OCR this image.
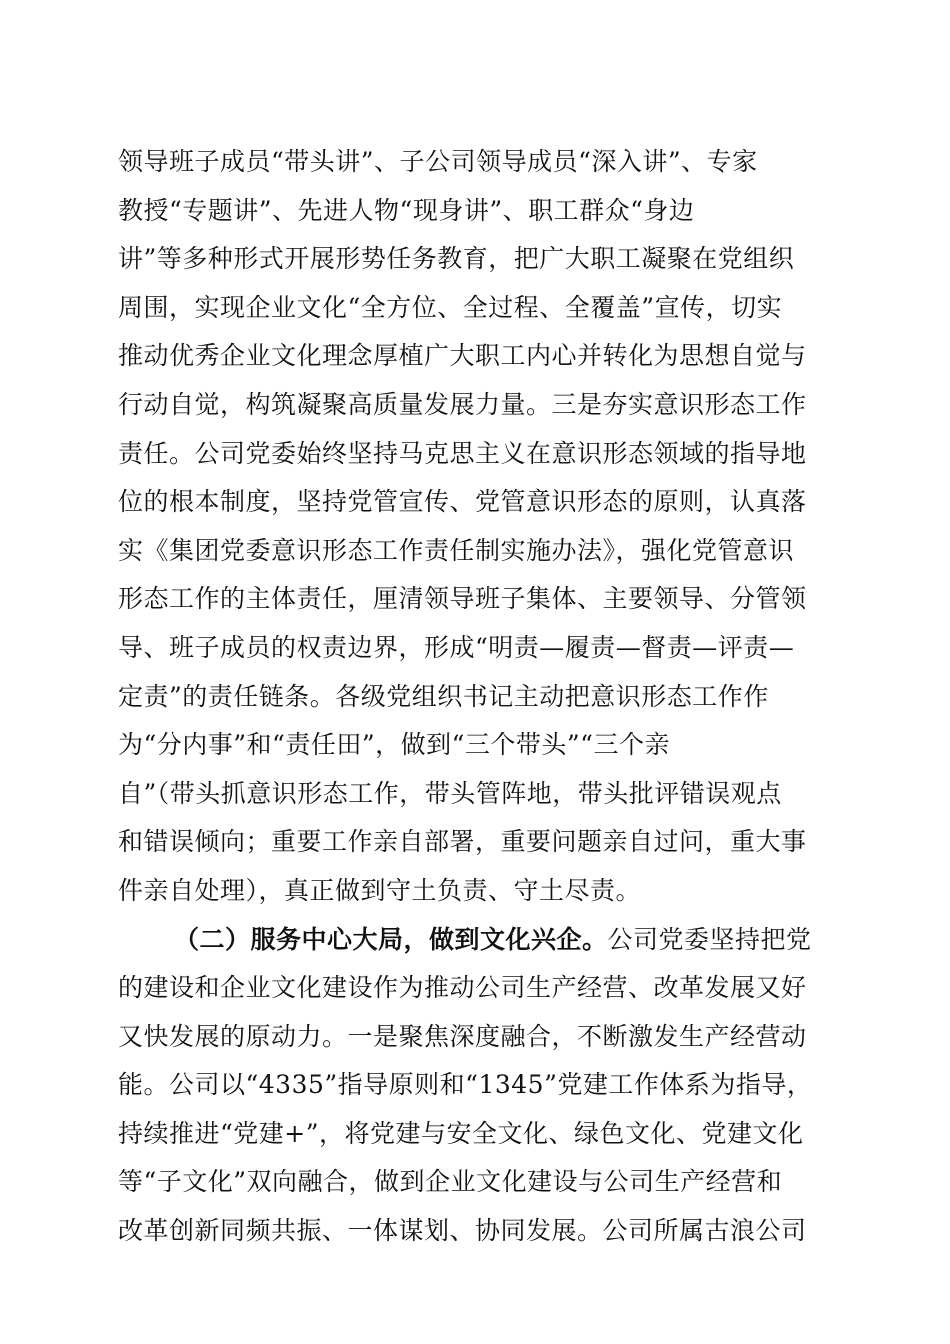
领导班子成员“带头讲”、子公司领导成员“深入讲”、专家
教授“专题讲”、先进人物“现身讲”、职工群众“身边
讲”等多种形式开展形势任务教育，把广大职工凝聚在党组织
周围，实现企业文化“全方位、全过程、全覆盖”宣传，切实
推动优秀企业文化理念厚植广大职工内心并转化为思想自觉与
行动自觉，构筑凝聚高质量发展力量。三是夯实意识形态工作
责任。公司党委始终坚持马克思主义在意识形态领域的指导地
位的根本制度，坚持党管宣传、党管意识形态的原则，认真落
实《集团党委意识形态工作责任制实施办法》，强化党管意识
形态工作的主体责任，厘清领导班子集体、主要领导、分管领
导、班子成员的权责边界，形成“明责—履责—督责—评责—
定责”的责任链条。各级党组织书记主动把意识形态工作作
为“分内事”和“责任田”，做到“三个带头”“三个亲
自”（带头抓意识形态工作，带头管阵地，带头批评错误观点
和错误倾向；重要工作亲自部署，重要问题亲自过问，重大事
件亲自处理），真正做到守土负责、守土尽责。
（二）服务中心大局，做到文化兴企。公司党委坚持把党
的建设和企业文化建设作为推动公司生产经营、改革发展又好
又快发展的原动力。一是聚焦深度融合，不断激发生产经营动
能。公司以“4335”指导原则和“1345”党建工作体系为指导，
持续推进“党建+”，将党建与安全文化、绿色文化、党建文化
等“子文化”双向融合，做到企业文化建设与公司生产经营和
改革创新同频共振、一体谋划、协同发展。公司所属古浪公司
